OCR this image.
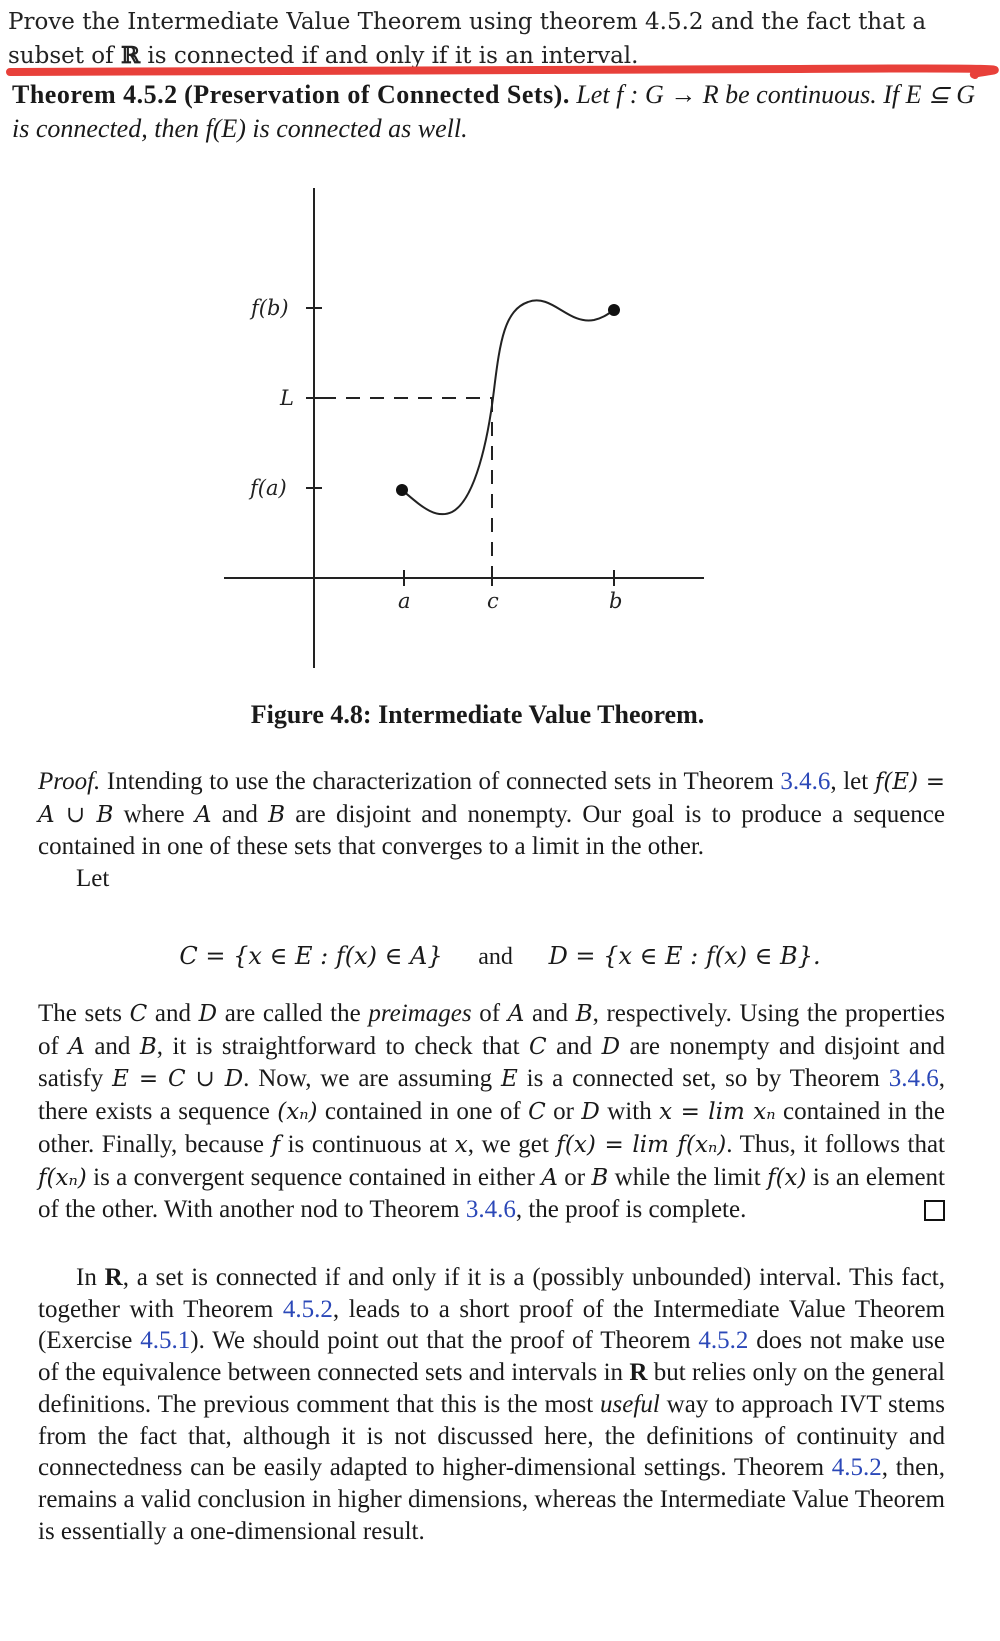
Prove the Intermediate Value Theorem using theorem 4.5.2 and the fact that a subset of ℝ is connected if and only if it is an interval.
Theorem 4.5.2 (Preservation of Connected Sets). Let f : G → R be continuous. If E ⊆ G is connected, then f(E) is connected as well.
f(b)
L
f(a)
a	c	b
Figure 4.8: Intermediate Value Theorem.
Proof. Intending to use the characterization of connected sets in Theorem 3.4.6, let f(E) = A ∪ B where A and B are disjoint and nonempty. Our goal is to produce a sequence contained in one of these sets that converges to a limit in the other.
Let
C = {x ∈ E : f(x) ∈ A} and D = {x ∈ E : f(x) ∈ B}.
The sets C and D are called the preimages of A and B, respectively. Using the properties of A and B, it is straightforward to check that C and D are nonempty and disjoint and satisfy E = C ∪ D. Now, we are assuming E is a connected set, so by Theorem 3.4.6, there exists a sequence (xₙ) contained in one of C or D with x = lim xₙ contained in the other. Finally, because f is continuous at x, we get f(x) = lim f(xₙ). Thus, it follows that f(xₙ) is a convergent sequence contained in either A or B while the limit f(x) is an element of the other. With another nod to Theorem 3.4.6, the proof is complete.
In R, a set is connected if and only if it is a (possibly unbounded) interval. This fact, together with Theorem 4.5.2, leads to a short proof of the Intermediate Value Theorem (Exercise 4.5.1). We should point out that the proof of Theorem 4.5.2 does not make use of the equivalence between connected sets and intervals in R but relies only on the general definitions. The previous comment that this is the most useful way to approach IVT stems from the fact that, although it is not discussed here, the definitions of continuity and connectedness can be easily adapted to higher-dimensional settings. Theorem 4.5.2, then, remains a valid conclusion in higher dimensions, whereas the Intermediate Value Theorem is essentially a one-dimensional result.
